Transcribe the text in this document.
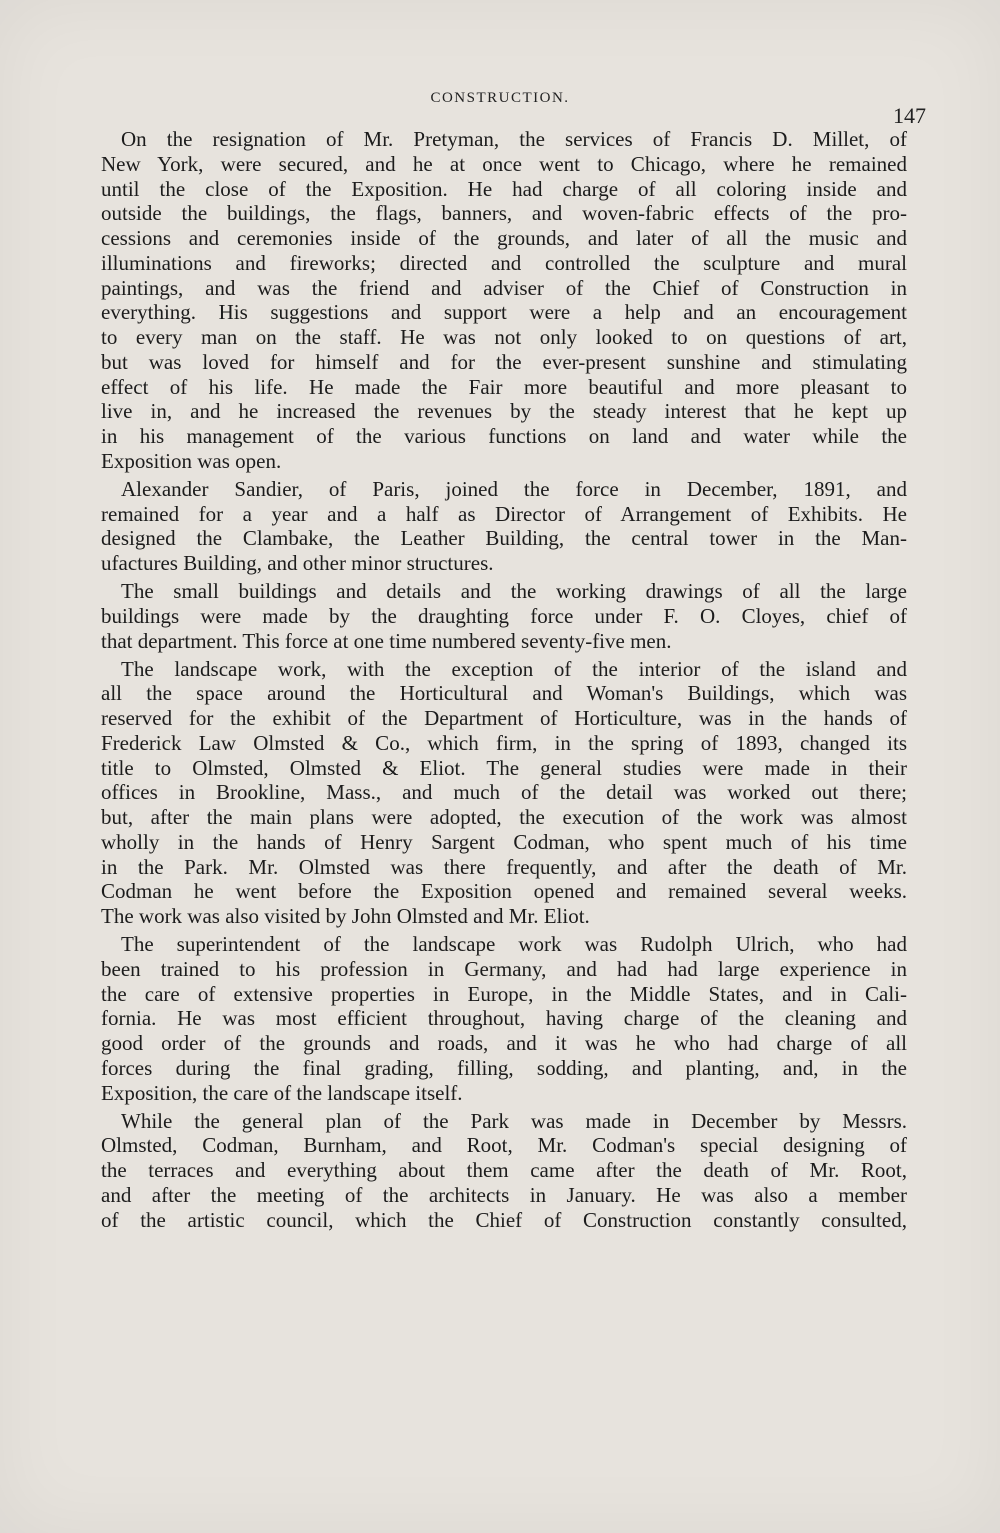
CONSTRUCTION.
147
On the resignation of Mr. Pretyman, the services of Francis D. Millet, of
New York, were secured, and he at once went to Chicago, where he remained
until the close of the Exposition. He had charge of all coloring inside and
outside the buildings, the flags, banners, and woven-fabric effects of the pro-
cessions and ceremonies inside of the grounds, and later of all the music and
illuminations and fireworks; directed and controlled the sculpture and mural
paintings, and was the friend and adviser of the Chief of Construction in
everything. His suggestions and support were a help and an encouragement
to every man on the staff. He was not only looked to on questions of art,
but was loved for himself and for the ever-present sunshine and stimulating
effect of his life. He made the Fair more beautiful and more pleasant to
live in, and he increased the revenues by the steady interest that he kept up
in his management of the various functions on land and water while the
Exposition was open.
Alexander Sandier, of Paris, joined the force in December, 1891, and
remained for a year and a half as Director of Arrangement of Exhibits. He
designed the Clambake, the Leather Building, the central tower in the Man-
ufactures Building, and other minor structures.
The small buildings and details and the working drawings of all the large
buildings were made by the draughting force under F. O. Cloyes, chief of
that department. This force at one time numbered seventy-five men.
The landscape work, with the exception of the interior of the island and
all the space around the Horticultural and Woman's Buildings, which was
reserved for the exhibit of the Department of Horticulture, was in the hands of
Frederick Law Olmsted & Co., which firm, in the spring of 1893, changed its
title to Olmsted, Olmsted & Eliot. The general studies were made in their
offices in Brookline, Mass., and much of the detail was worked out there;
but, after the main plans were adopted, the execution of the work was almost
wholly in the hands of Henry Sargent Codman, who spent much of his time
in the Park. Mr. Olmsted was there frequently, and after the death of Mr.
Codman he went before the Exposition opened and remained several weeks.
The work was also visited by John Olmsted and Mr. Eliot.
The superintendent of the landscape work was Rudolph Ulrich, who had
been trained to his profession in Germany, and had had large experience in
the care of extensive properties in Europe, in the Middle States, and in Cali-
fornia. He was most efficient throughout, having charge of the cleaning and
good order of the grounds and roads, and it was he who had charge of all
forces during the final grading, filling, sodding, and planting, and, in the
Exposition, the care of the landscape itself.
While the general plan of the Park was made in December by Messrs.
Olmsted, Codman, Burnham, and Root, Mr. Codman's special designing of
the terraces and everything about them came after the death of Mr. Root,
and after the meeting of the architects in January. He was also a member
of the artistic council, which the Chief of Construction constantly consulted,
